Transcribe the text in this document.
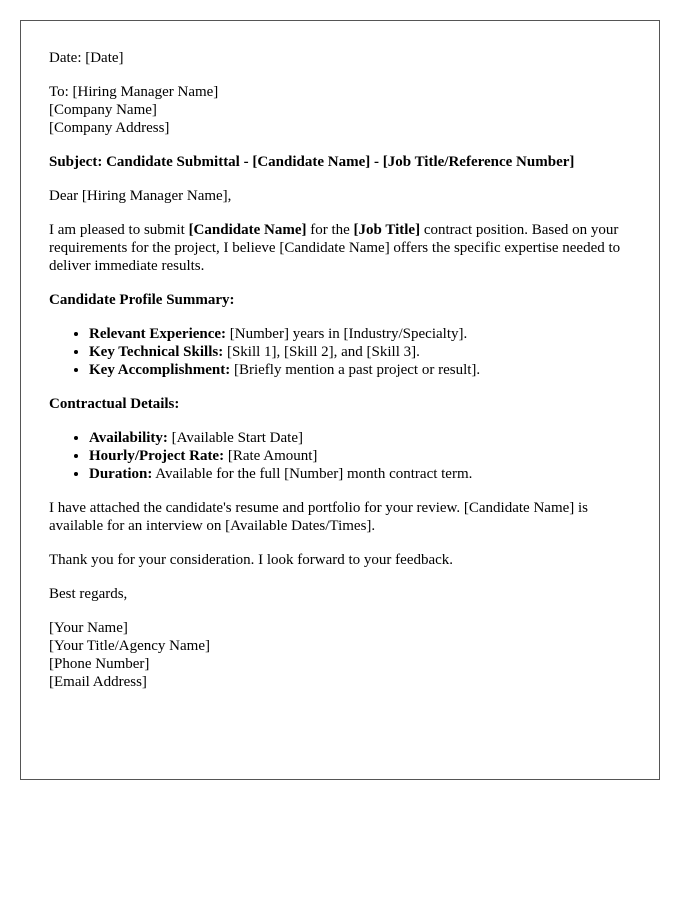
Date: [Date]

To: [Hiring Manager Name]
[Company Name]
[Company Address]

Subject: Candidate Submittal - [Candidate Name] - [Job Title/Reference Number]

Dear [Hiring Manager Name],

I am pleased to submit [Candidate Name] for the [Job Title] contract position. Based on your requirements for the project, I believe [Candidate Name] offers the specific expertise needed to deliver immediate results.

Candidate Profile Summary:

• Relevant Experience: [Number] years in [Industry/Specialty].
• Key Technical Skills: [Skill 1], [Skill 2], and [Skill 3].
• Key Accomplishment: [Briefly mention a past project or result].

Contractual Details:

• Availability: [Available Start Date]
• Hourly/Project Rate: [Rate Amount]
• Duration: Available for the full [Number] month contract term.

I have attached the candidate's resume and portfolio for your review. [Candidate Name] is available for an interview on [Available Dates/Times].

Thank you for your consideration. I look forward to your feedback.

Best regards,

[Your Name]
[Your Title/Agency Name]
[Phone Number]
[Email Address]
